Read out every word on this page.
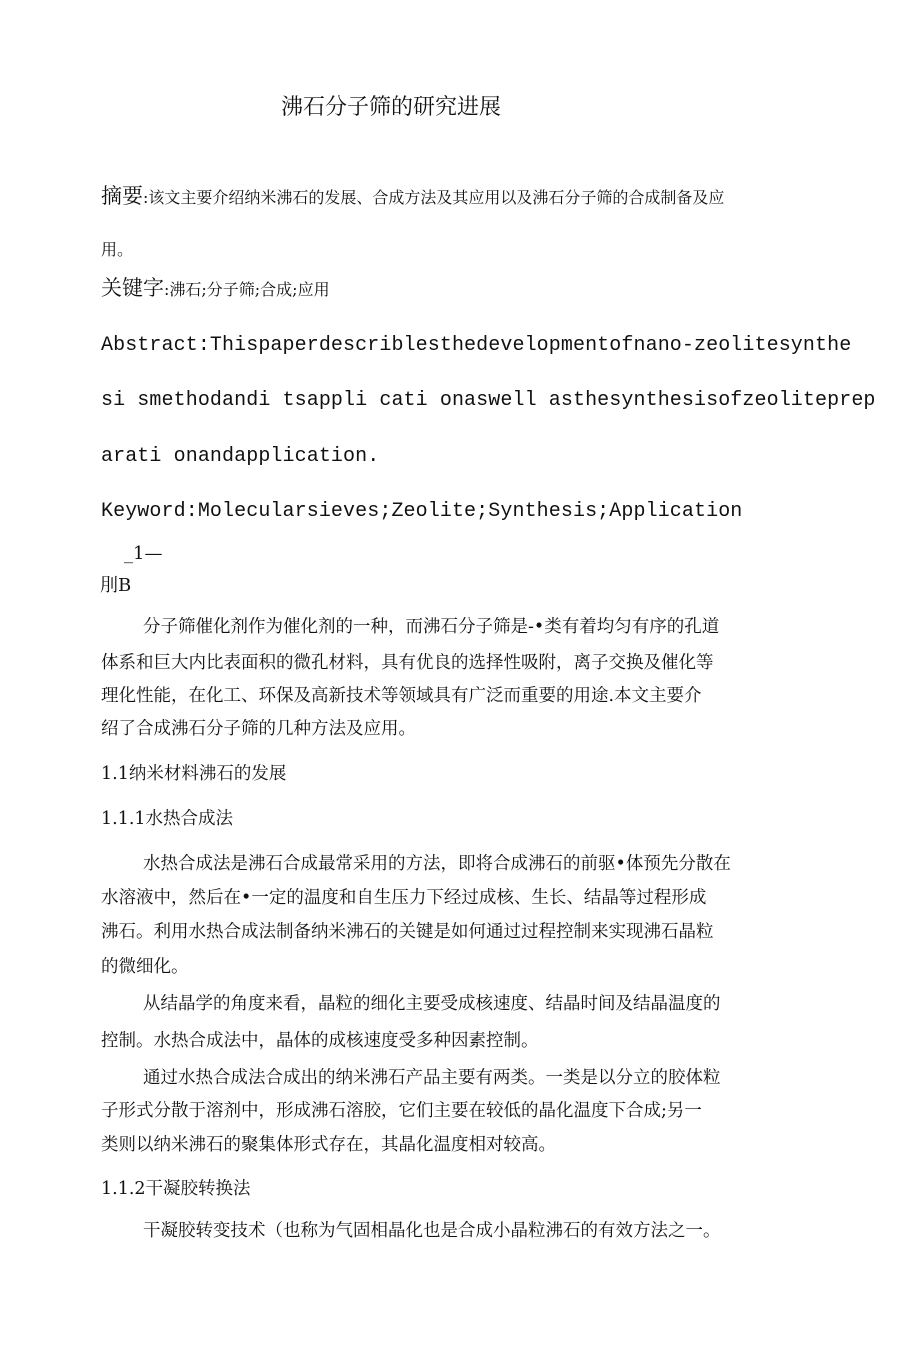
沸石分子筛的研究进展
摘要:该文主要介绍纳米沸石的发展、合成方法及其应用以及沸石分子筛的合成制备及应
用。
关键字:沸石;分子筛;合成;应用
Abstract:Thispaperdescriblesthedevelopmentofnano-zeolitesynthe
si smethodandi tsappli cati onaswell asthesynthesisofzeoliteprep
arati onandapplication.
Keyword:Molecularsieves;Zeolite;Synthesis;Application
_1—
刖B
分子筛催化剂作为催化剂的一种，而沸石分子筛是-•类有着均匀有序的孔道
体系和巨大内比表面积的微孔材料，具有优良的选择性吸附，离子交换及催化等
理化性能，在化工、环保及高新技术等领域具有广泛而重要的用途.本文主要介
绍了合成沸石分子筛的几种方法及应用。
1.1纳米材料沸石的发展
1.1.1水热合成法
水热合成法是沸石合成最常采用的方法，即将合成沸石的前驱•体预先分散在
水溶液中，然后在•一定的温度和自生压力下经过成核、生长、结晶等过程形成
沸石。利用水热合成法制备纳米沸石的关键是如何通过过程控制来实现沸石晶粒
的微细化。
从结晶学的角度来看，晶粒的细化主要受成核速度、结晶时间及结晶温度的
控制。水热合成法中，晶体的成核速度受多种因素控制。
通过水热合成法合成出的纳米沸石产品主要有两类。一类是以分立的胶体粒
子形式分散于溶剂中，形成沸石溶胶，它们主要在较低的晶化温度下合成;另一
类则以纳米沸石的聚集体形式存在，其晶化温度相对较高。
1.1.2干凝胶转换法
干凝胶转变技术（也称为气固相晶化也是合成小晶粒沸石的有效方法之一。
